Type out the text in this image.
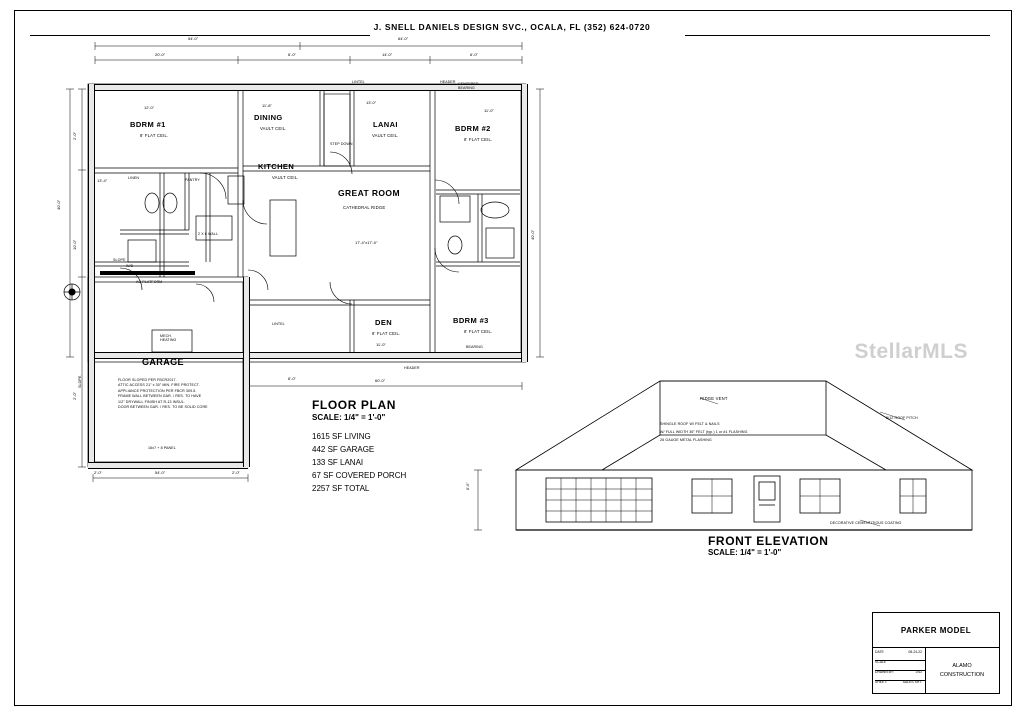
J. SNELL DANIELS DESIGN SVC., OCALA, FL (352) 624-0720
StellarMLS
BDRM #1
8' FLAT CEIL.
12'-0"
13'-4"
DINING
VAULT CEIL.
11'-8"
LANAI
VAULT CEIL.
13'-0"
BDRM #2
8' FLAT CEIL.
11'-0"
KITCHEN
VAULT CEIL.
GREAT ROOM
CATHEDRAL RIDGE
17'-4"x17'-0"
DEN
8' FLAT CEIL.
11'-0"
BDRM #3
8' FLAT CEIL.
GARAGE
FLOOR SLOPED PER FBCR2017.
ATTIC ACCESS 21" x 30" MIN. FIRE PROTECT.
APPLIANCE PROTECTION PER FBCR 309.5.
FRAME WALL BETWEEN GAR. / RES. TO HAVE
1/2" DRYWALL FINISH AT R-13 INSUL.
DOOR BETWEEN GAR. / RES. TO BE SOLID CORE
LINEN	PANTRY
W/D
AC PLATFORM
2 X 6 WALL
MECH.
HEATING
STEP DOWN
CENTERED
BEARING
LINTEL	HEADER
LINTEL
BEARING
HEADER
16x7 + 8 PANEL
SLOPE
SLOPE
54'-0"	64'-0"
20'-0"	6'-0"	14'-0"	6'-0"
40'-0"
2'-0"
10'-0"
2'-0"
40'-0"
54'-0"
60'-0"
2'-0"	2'-0"
6'-0"
FLOOR PLAN
SCALE: 1/4" = 1'-0"
1615 SF LIVING
442 SF GARAGE
133 SF LANAI
67 SF COVERED PORCH
2257 SF TOTAL
RIDGE VENT
SHINGLE ROOF W/ FELT & NAILS
W/ FULL WIDTH 36" FELT (typ.) 1 or #1 FLASHING
26 GAUGE METAL FLASHING
5/12 ROOF PITCH
8'-0"
DECORATIVE CEMENTITIOUS COATING
FRONT ELEVATION
SCALE: 1/4" = 1'-0"
PARKER MODEL
DATE	08-24-22
SCALE
DRAWN BY:	JSD
SHEET:	SALES SHT.
ALAMO
CONSTRUCTION
